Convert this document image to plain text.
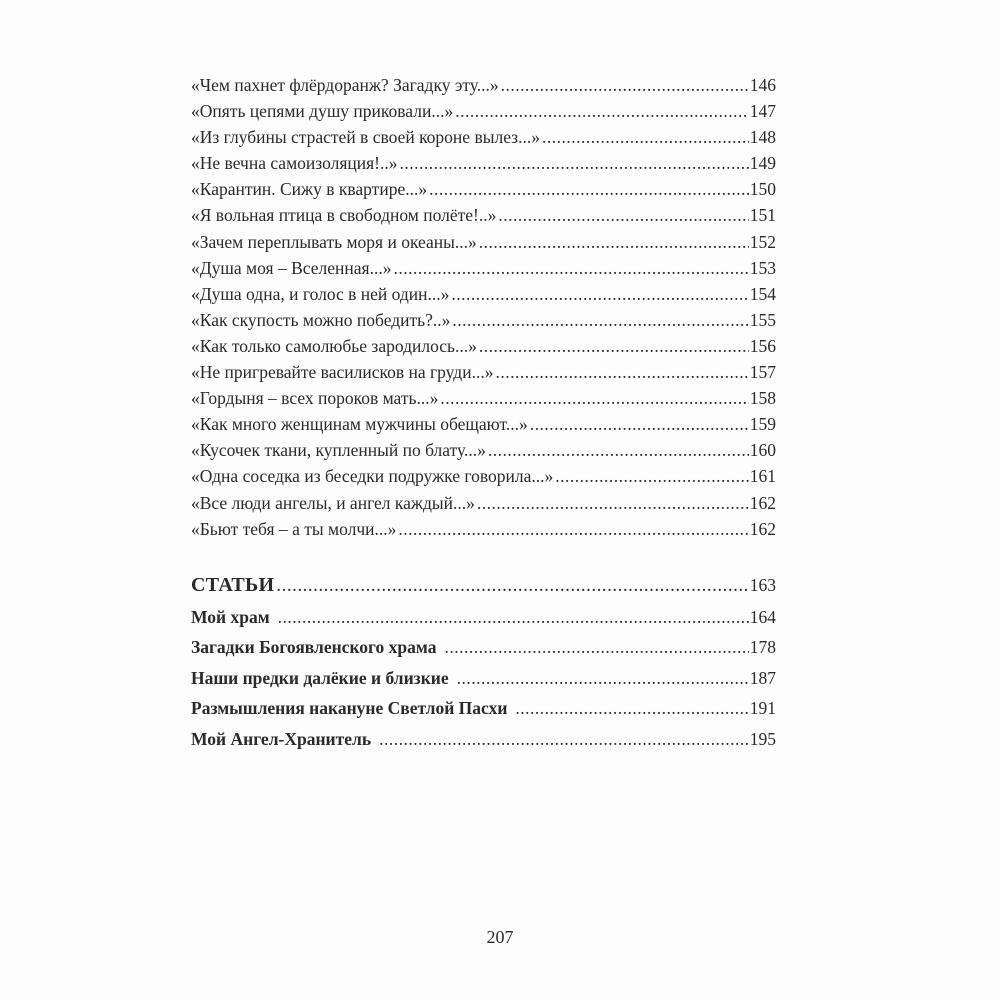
«Чем пахнет флёрдоранж? Загадку эту...» .....	146
«Опять цепями душу приковали...» .....	147
«Из глубины страстей в своей короне вылез...» .....	148
«Не вечна самоизоляция!..» .....	149
«Карантин. Сижу в квартире...» .....	150
«Я вольная птица в свободном полёте!..» .....	151
«Зачем переплывать моря и океаны...» .....	152
«Душа моя – Вселенная...» .....	153
«Душа одна, и голос в ней один...» .....	154
«Как скупость можно победить?..» .....	155
«Как только самолюбье зародилось...» .....	156
«Не пригревайте василисков на груди...» .....	157
«Гордыня – всех пороков мать...» .....	158
«Как много женщинам мужчины обещают...» .....	159
«Кусочек ткани, купленный по блату...» .....	160
«Одна соседка из беседки подружке говорила...» .....	161
«Все люди ангелы, и ангел каждый...» .....	162
«Бьют тебя – а ты молчи...» .....	162
СТАТЬИ .....	163
Мой храм .....	164
Загадки Богоявленского храма .....	178
Наши предки далёкие и близкие .....	187
Размышления накануне Светлой Пасхи .....	191
Мой Ангел-Хранитель .....	195
207
